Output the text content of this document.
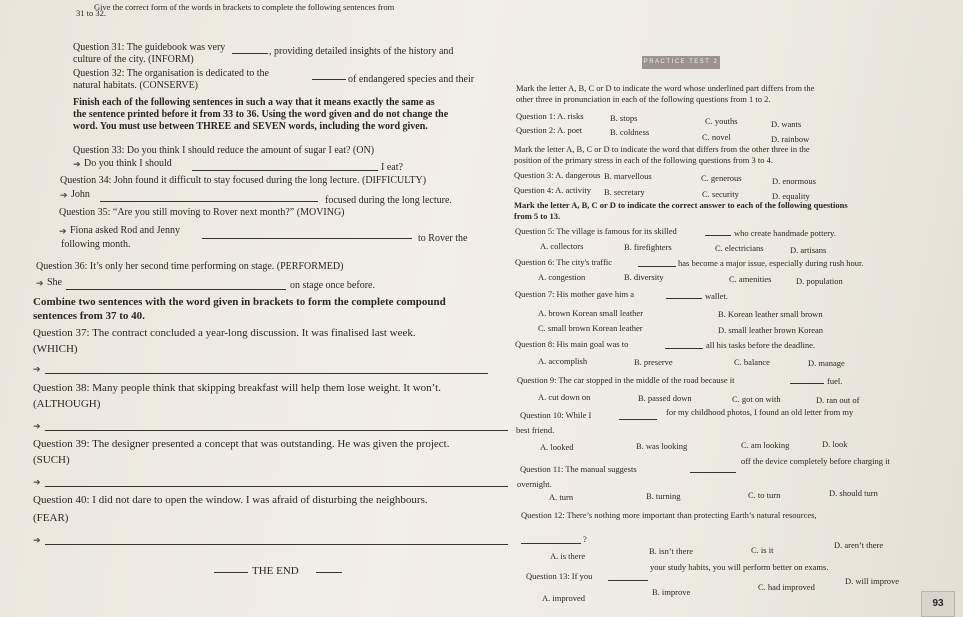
31 to 32.
Give the correct form of the words in brackets to complete the following sentences from
Question 31: The guidebook was very	, providing detailed insights of the history and
culture of the city. (INFORM)
Question 32: The organisation is dedicated to the
of endangered species and their
natural habitats. (CONSERVE)
Finish each of the following sentences in such a way that it means exactly the same as
the sentence printed before it from 33 to 36. Using the word given and do not change the
word. You must use between THREE and SEVEN words, including the word given.
Question 33: Do you think I should reduce the amount of sugar I eat? (ON)
➔ Do you think I should	I eat?
Question 34: John found it difficult to stay focused during the long lecture. (DIFFICULTY)
➔ John
focused during the long lecture.
Question 35: “Are you still moving to Rover next month?” (MOVING)
➔ Fiona asked Rod and Jenny
to Rover the
following month.
Question 36: It’s only her second time performing on stage. (PERFORMED)
➔ She	on stage once before.
Combine two sentences with the word given in brackets to form the complete compound
sentences from 37 to 40.
Question 37: The contract concluded a year-long discussion. It was finalised last week.
(WHICH)
➔
Question 38: Many people think that skipping breakfast will help them lose weight. It won’t.
(ALTHOUGH)
➔
Question 39: The designer presented a concept that was outstanding. He was given the project.
(SUCH)
➔
Question 40: I did not dare to open the window. I was afraid of disturbing the neighbours.
(FEAR)
➔
THE END
PRACTICE TEST 2
Mark the letter A, B, C or D to indicate the word whose underlined part differs from the
other three in pronunciation in each of the following questions from 1 to 2.
Question 1: A. risks	B. stops	C. youths	D. wants
Question 2: A. poet	B. coldness	C. novel	D. rainbow
Mark the letter A, B, C or D to indicate the word that differs from the other three in the
position of the primary stress in each of the following questions from 3 to 4.
Question 3: A. dangerous B. marvellous	C. generous	D. enormous
Question 4: A. activity B. secretary	C. security	D. equality
Mark the letter A, B, C or D to indicate the correct answer to each of the following questions
from 5 to 13.
Question 5: The village is famous for its skilled	who create handmade pottery.
A. collectors	B. firefighters	C. electricians	D. artisans
Question 6: The city's traffic	has become a major issue, especially during rush hour.
A. congestion	B. diversity	C. amenities	D. population
Question 7: His mother gave him a	wallet.
A. brown Korean small leather	B. Korean leather small brown
C. small brown Korean leather	D. small leather brown Korean
Question 8: His main goal was to	all his tasks before the deadline.
A. accomplish	B. preserve	C. balance	D. manage
Question 9: The car stopped in the middle of the road because it	fuel.
A. cut down on	B. passed down	C. got on with	D. ran out of
Question 10: While I	for my childhood photos, I found an old letter from my
best friend.
A. looked	B. was looking	C. am looking	D. look
Question 11: The manual suggests
off the device completely before charging it
overnight.
A. turn	B. turning	C. to turn	D. should turn
Question 12: There’s nothing more important than protecting Earth’s natural resources,
?
A. is there	B. isn’t there	C. is it	D. aren’t there
Question 13: If you
your study habits, you will perform better on exams.
A. improved
B. improve	C. had improved
D. will improve
93
